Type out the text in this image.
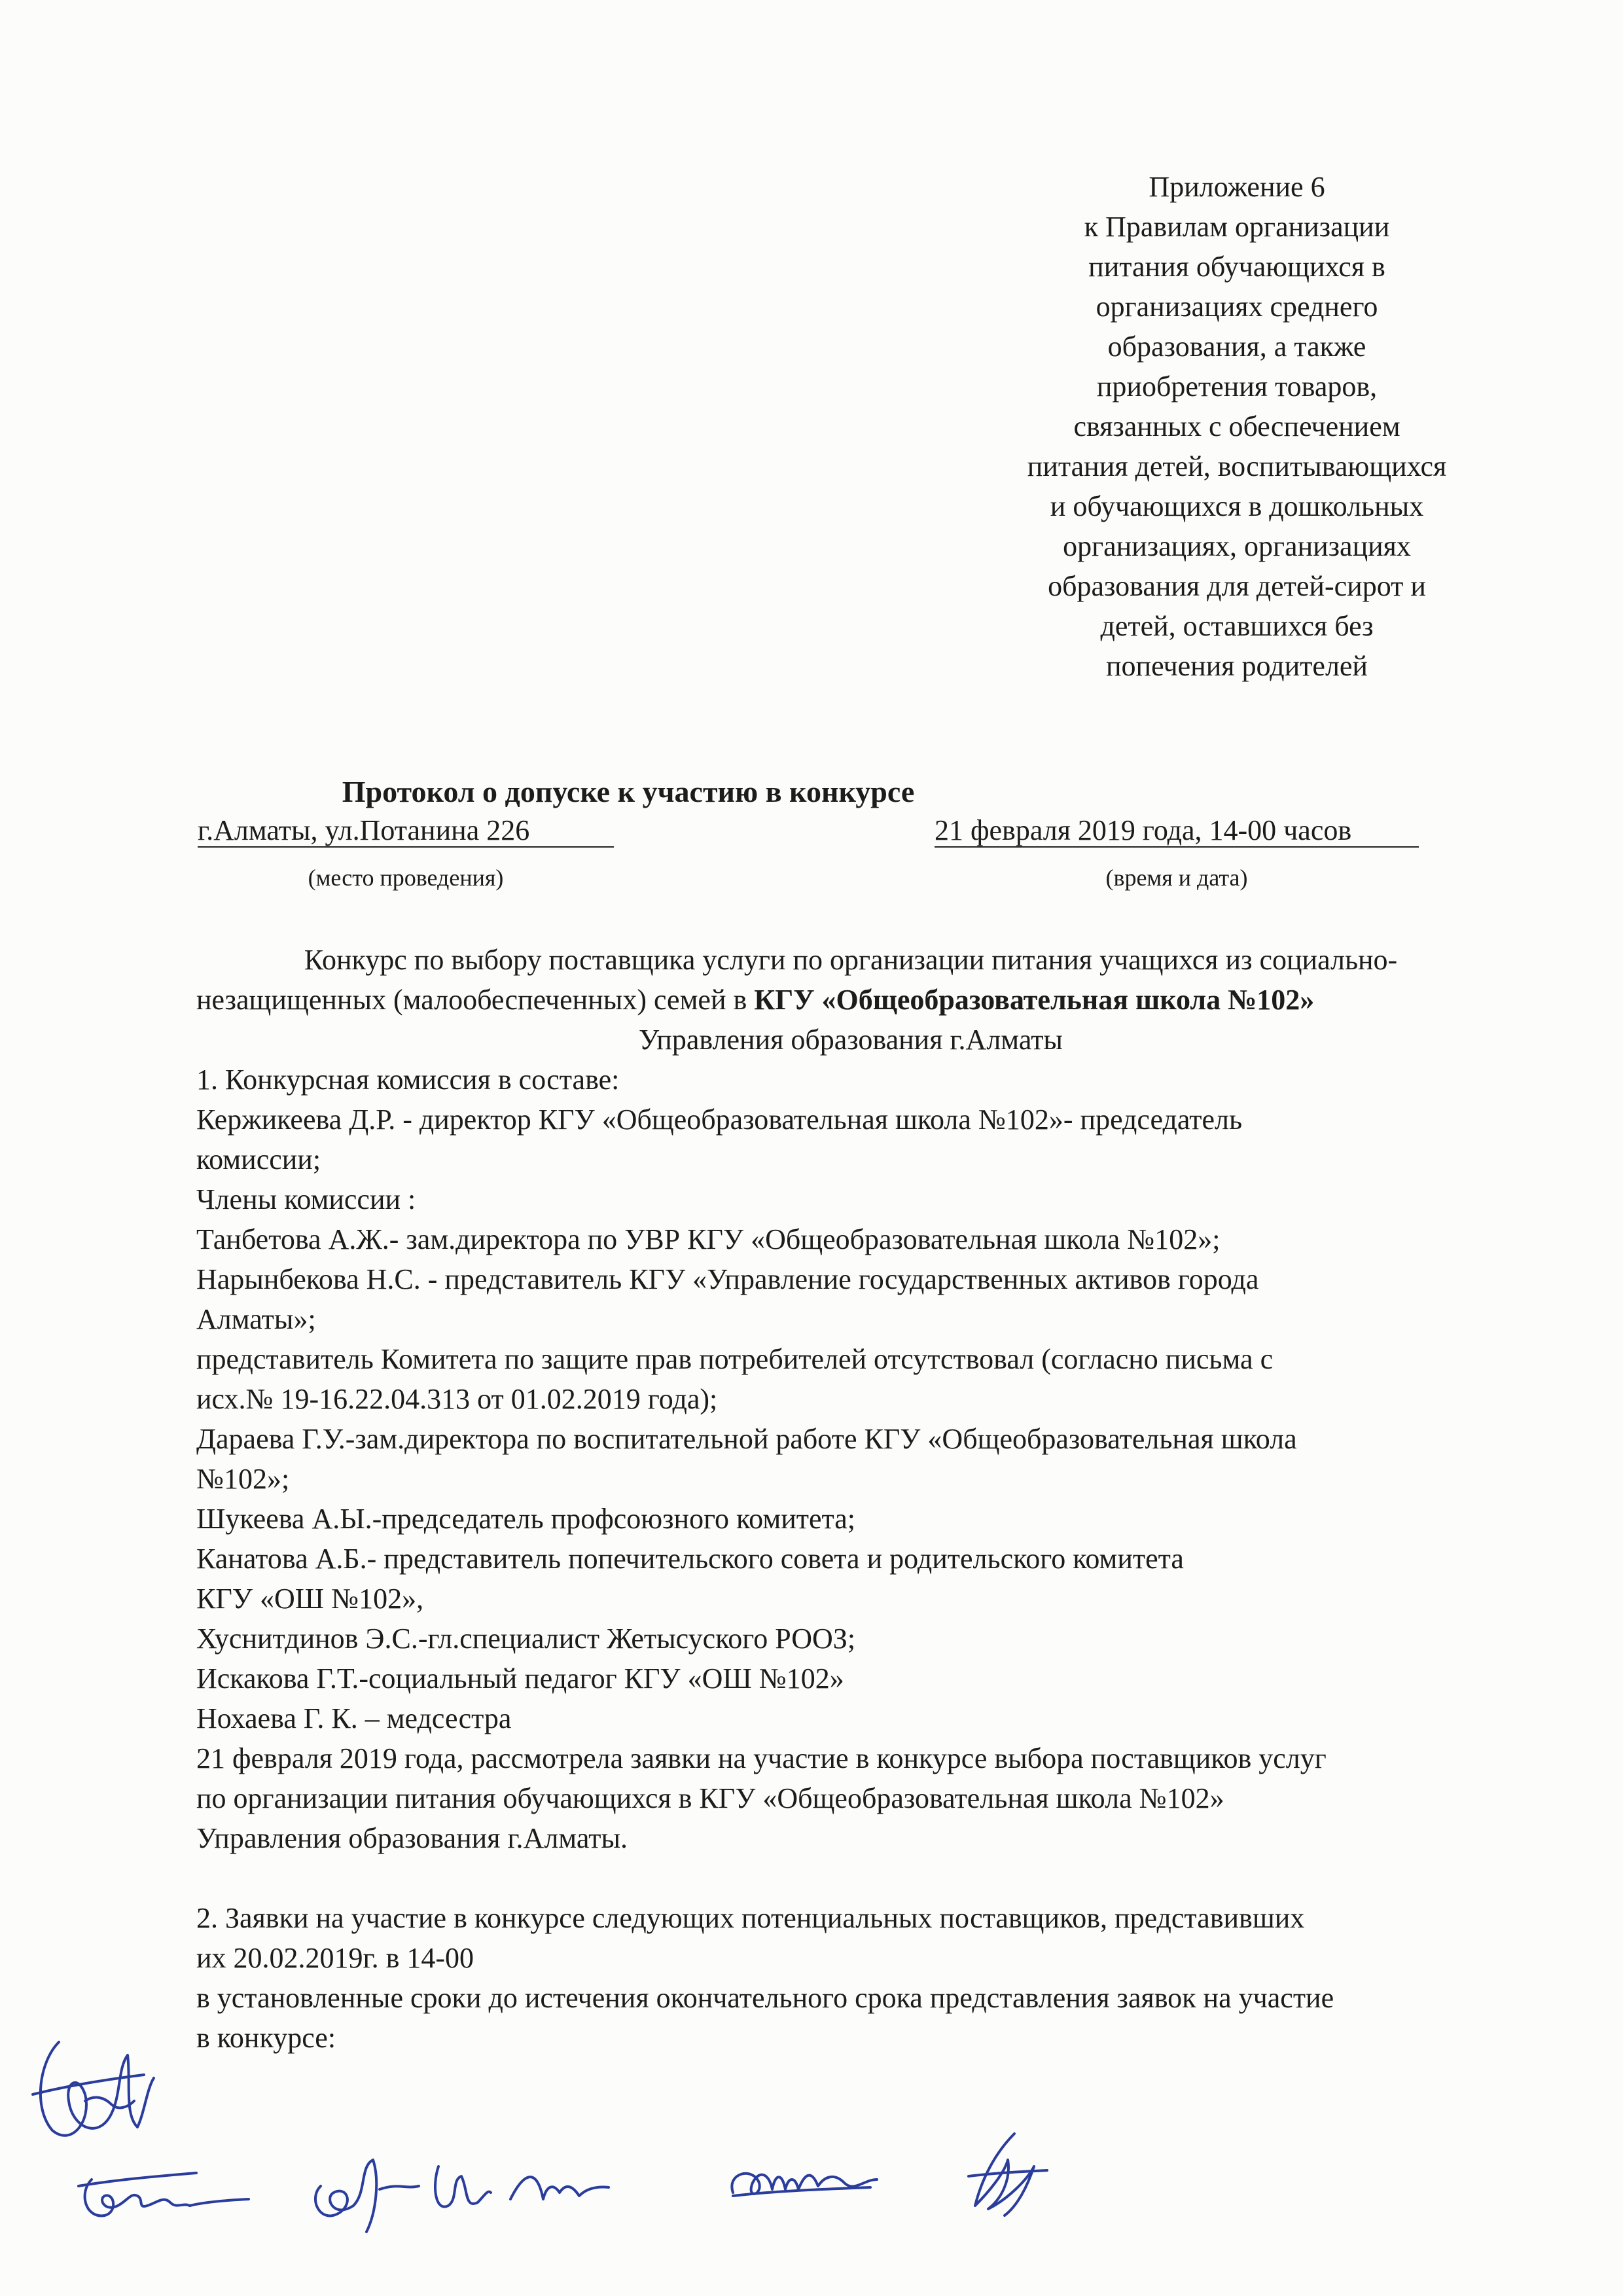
Приложение 6
к Правилам организации
питания обучающихся в
организациях среднего
образования, а также
приобретения товаров,
связанных с обеспечением
питания детей, воспитывающихся
и обучающихся в дошкольных
организациях, организациях
образования для детей-сирот и
детей, оставшихся без
попечения родителей
Протокол о допуске к участию в конкурсе
г.Алматы, ул.Потанина 226
(место проведения)
21 февраля 2019 года, 14-00 часов
(время и дата)
Конкурс по выбору поставщика услуги по организации питания учащихся из социально-
незащищенных (малообеспеченных) семей в КГУ «Общеобразовательная школа №102»
Управления образования г.Алматы
1. Конкурсная комиссия в составе:
Кержикеева Д.Р. - директор КГУ «Общеобразовательная школа №102»- председатель
комиссии;
Члены комиссии :
Танбетова А.Ж.- зам.директора по УВР КГУ «Общеобразовательная школа №102»;
Нарынбекова Н.С. - представитель КГУ «Управление государственных активов города
Алматы»;
представитель Комитета по защите прав потребителей отсутствовал (согласно письма с
исх.№ 19-16.22.04.313 от 01.02.2019 года);
Дараева Г.У.-зам.директора по воспитательной работе КГУ «Общеобразовательная школа
№102»;
Шукеева А.Ы.-председатель профсоюзного комитета;
Канатова А.Б.- представитель попечительского совета и родительского комитета
КГУ «ОШ №102»,
Хуснитдинов Э.С.-гл.специалист Жетысуского РООЗ;
Искакова Г.Т.-социальный педагог КГУ «ОШ №102»
Нохаева Г. К. – медсестра
21 февраля 2019 года, рассмотрела заявки на участие в конкурсе выбора поставщиков услуг
по организации питания обучающихся в КГУ «Общеобразовательная школа №102»
Управления образования г.Алматы.
2. Заявки на участие в конкурсе следующих потенциальных поставщиков, представивших
их 20.02.2019г. в 14-00
в установленные сроки до истечения окончательного срока представления заявок на участие
в конкурсе:
